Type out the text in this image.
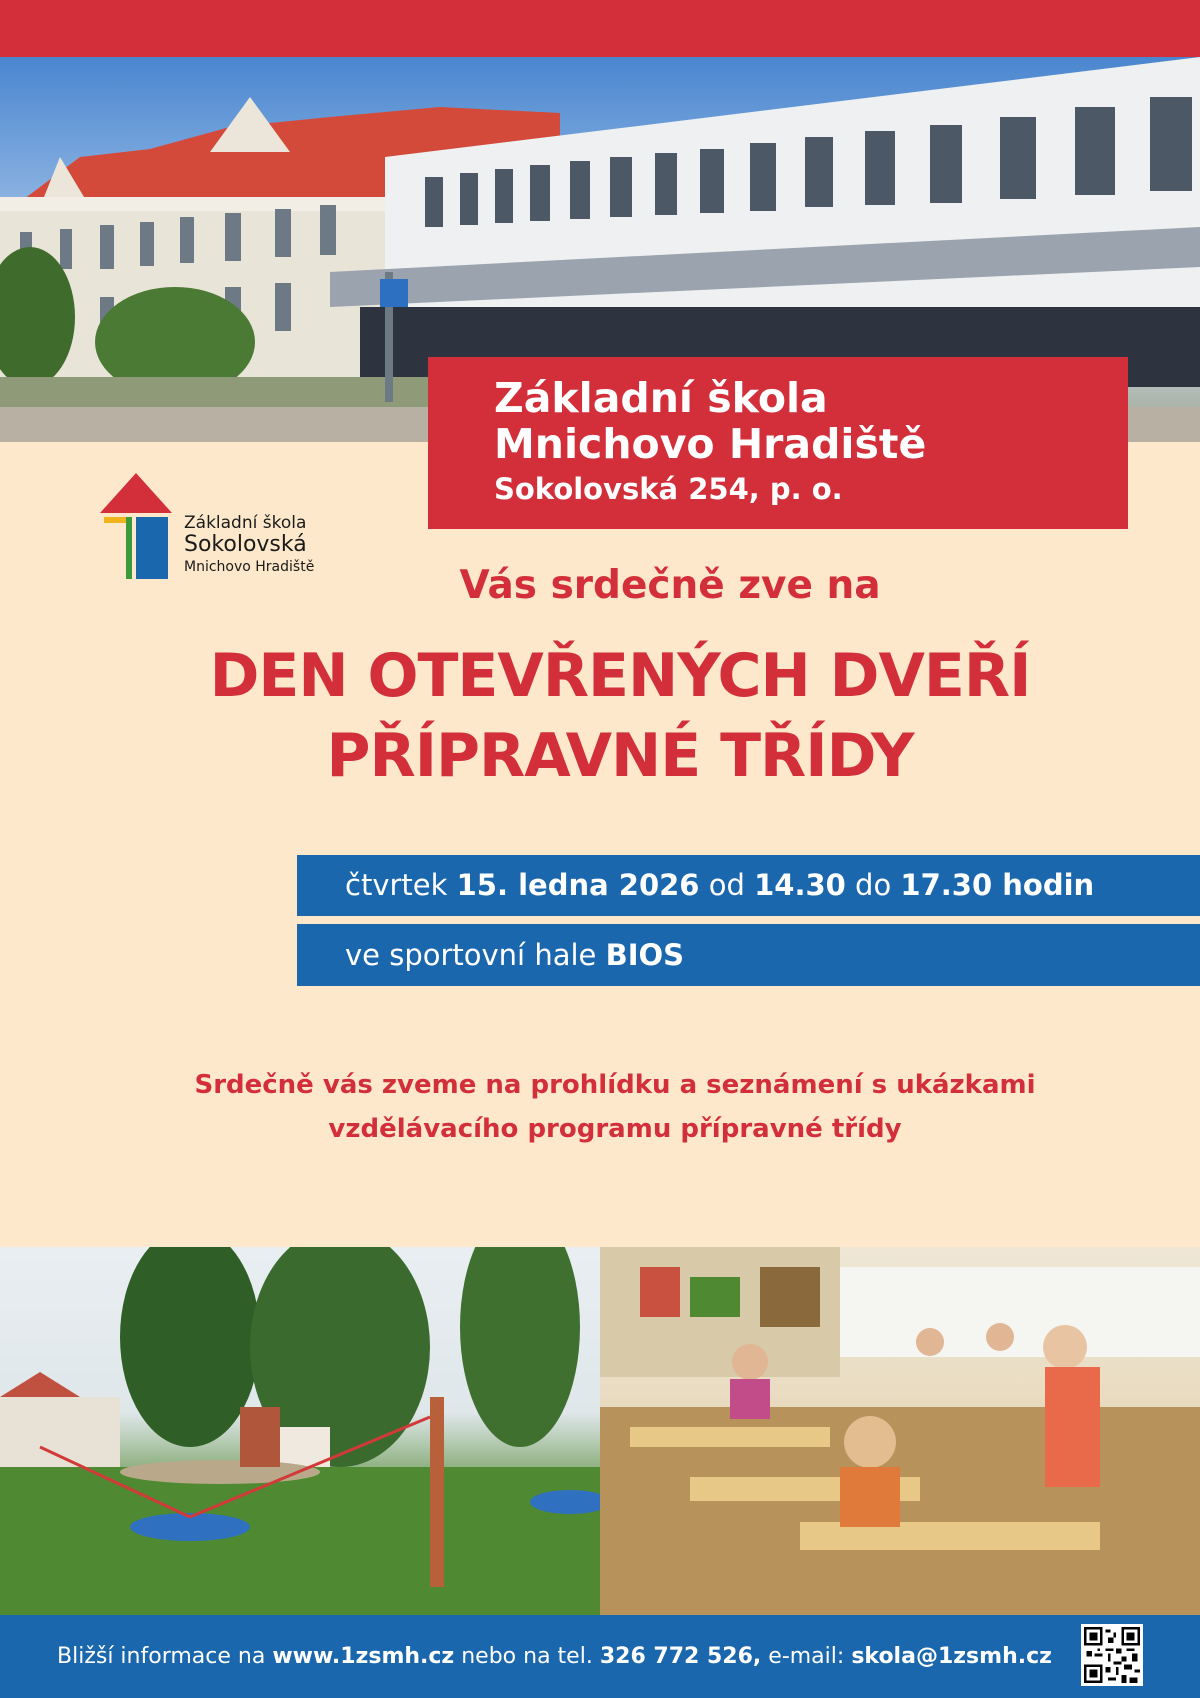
Základní škola
Mnichovo Hradiště
Sokolovská 254, p. o.
Základní škola
Sokolovská
Mnichovo Hradiště	Vás srdečně zve na
DEN OTEVŘENÝCH DVEŘÍ
PŘÍPRAVNÉ TŘÍDY
čtvrtek 15. ledna 2026 od 14.30 do 17.30 hodin
ve sportovní hale BIOS
Srdečně vás zveme na prohlídku a seznámení s ukázkami
vzdělávacího programu přípravné třídy
Bližší informace na www.1zsmh.cz nebo na tel. 326 772 526, e-mail: skola@1zsmh.cz
